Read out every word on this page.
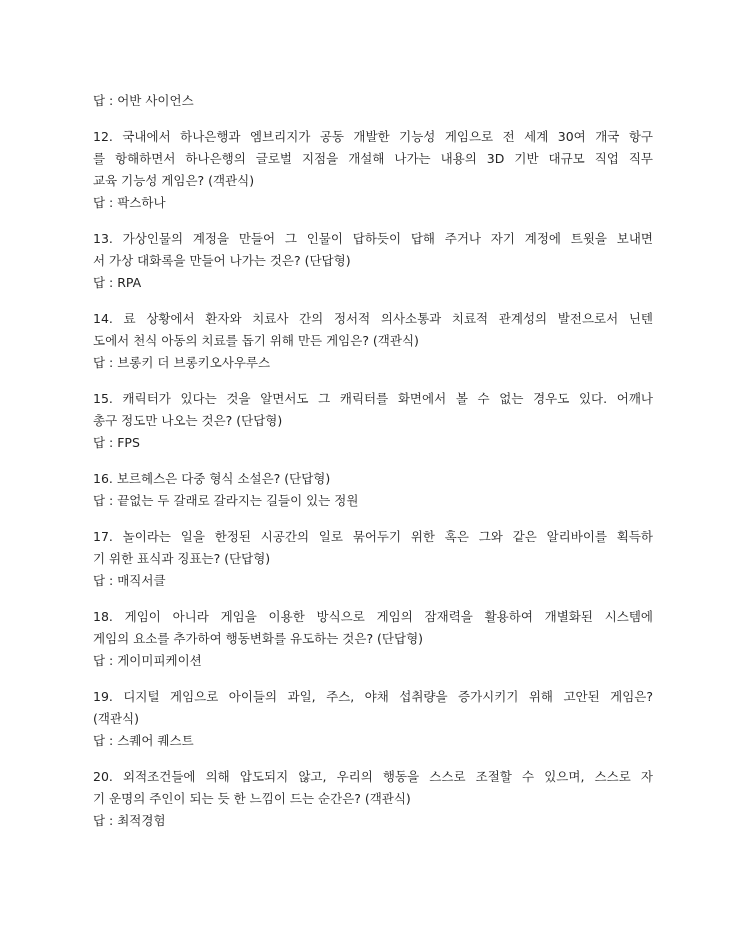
답 : 어반 사이언스
12. 국내에서 하나은행과 엠브리지가 공동 개발한 기능성 게임으로 전 세계 30여 개국 항구
를 항해하면서 하나은행의 글로벌 지점을 개설해 나가는 내용의 3D 기반 대규모 직업 직무
교육 기능성 게임은? (객관식)
답 : 팍스하나
13. 가상인물의 계정을 만들어 그 인물이 답하듯이 답해 주거나 자기 계정에 트윗을 보내면
서 가상 대화록을 만들어 나가는 것은? (단답형)
답 : RPA
14. 료 상황에서 환자와 치료사 간의 정서적 의사소통과 치료적 관계성의 발전으로서 닌텐
도에서 천식 아동의 치료를 돕기 위해 만든 게임은? (객관식)
답 : 브롱키 더 브롱키오사우루스
15. 캐릭터가 있다는 것을 알면서도 그 캐릭터를 화면에서 볼 수 없는 경우도 있다. 어깨나
총구 정도만 나오는 것은? (단답형)
답 : FPS
16. 보르헤스은 다중 형식 소설은? (단답형)
답 : 끝없는 두 갈래로 갈라지는 길들이 있는 정원
17. 놀이라는 일을 한정된 시공간의 일로 묶어두기 위한 혹은 그와 같은 알리바이를 획득하
기 위한 표식과 징표는? (단답형)
답 : 매직서클
18. 게임이 아니라 게임을 이용한 방식으로 게임의 잠재력을 활용하여 개별화된 시스템에
게임의 요소를 추가하여 행동변화를 유도하는 것은? (단답형)
답 : 게이미피케이션
19. 디지털 게임으로 아이들의 과일, 주스, 야채 섭취량을 증가시키기 위해 고안된 게임은?
(객관식)
답 : 스퀘어 퀘스트
20. 외적조건들에 의해 압도되지 않고, 우리의 행동을 스스로 조절할 수 있으며, 스스로 자
기 운명의 주인이 되는 듯 한 느낌이 드는 순간은? (객관식)
답 : 최적경험
